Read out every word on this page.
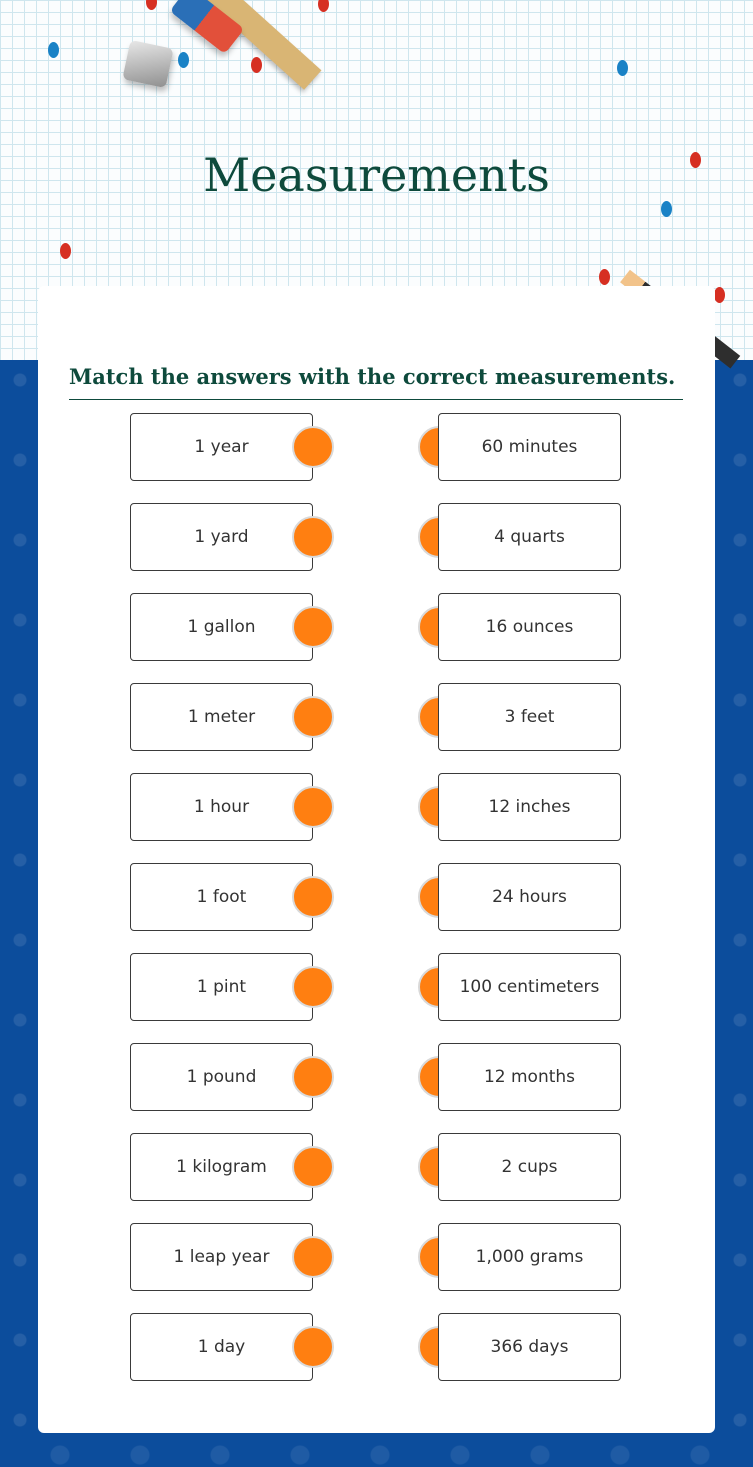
Measurements

Match the answers with the correct measurements.

1 year	60 minutes
1 yard	4 quarts
1 gallon	16 ounces
1 meter	3 feet
1 hour	12 inches
1 foot	24 hours
1 pint	100 centimeters
1 pound	12 months
1 kilogram	2 cups
1 leap year	1,000 grams
1 day	366 days
